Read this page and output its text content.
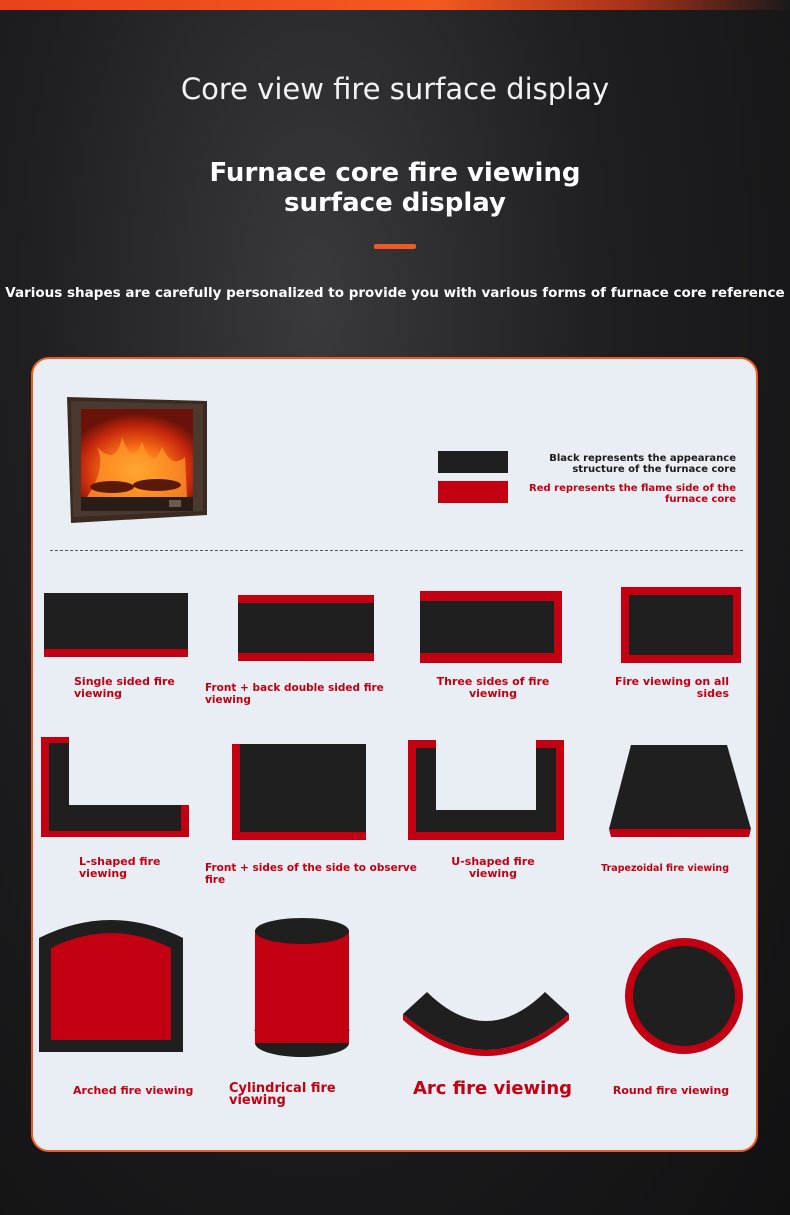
Core view fire surface display
Furnace core fire viewing surface display
Various shapes are carefully personalized to provide you with various forms of furnace core reference
Black represents the appearance structure of the furnace core
Red represents the flame side of the furnace core
Single sided fire viewing	Front + back double sided fire viewing
Three sides of fire viewing
Fire viewing on all sides
L-shaped fire viewing	Front + sides of the side to observe fire
U-shaped fire viewing	Trapezoidal fire viewing
Arched fire viewing	Cylindrical fire viewing
Arc fire viewing	Round fire viewing
